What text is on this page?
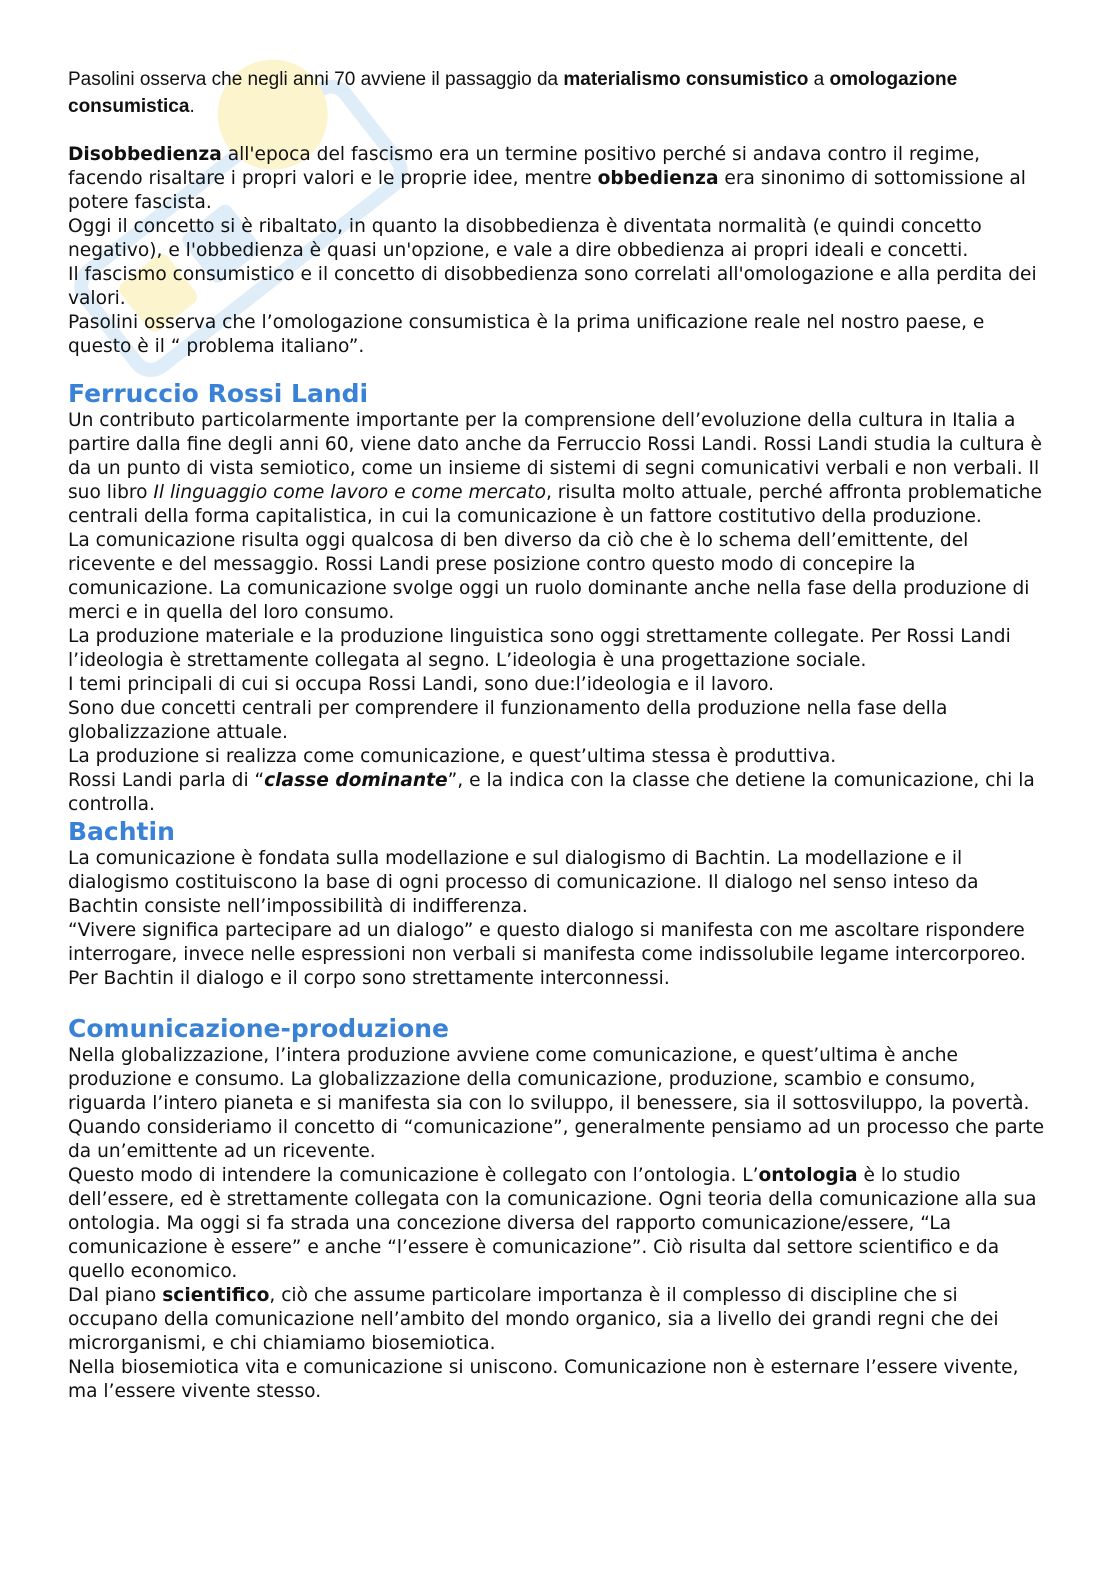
Pasolini osserva che negli anni 70 avviene il passaggio da materialismo consumistico a omologazione consumistica.

Disobbedienza all'epoca del fascismo era un termine positivo perché si andava contro il regime, facendo risaltare i propri valori e le proprie idee, mentre obbedienza era sinonimo di sottomissione al potere fascista.

Oggi il concetto si è ribaltato, in quanto la disobbedienza è diventata normalità (e quindi concetto negativo), e l'obbedienza è quasi un'opzione, e vale a dire obbedienza ai propri ideali e concetti.

Il fascismo consumistico e il concetto di disobbedienza sono correlati all'omologazione e alla perdita dei valori.

Pasolini osserva che l’omologazione consumistica è la prima unificazione reale nel nostro paese, e questo è il “ problema italiano”.

Ferruccio Rossi Landi

Un contributo particolarmente importante per la comprensione dell’evoluzione della cultura in Italia a partire dalla fine degli anni 60, viene dato anche da Ferruccio Rossi Landi. Rossi Landi studia la cultura è da un punto di vista semiotico, come un insieme di sistemi di segni comunicativi verbali e non verbali. Il suo libro Il linguaggio come lavoro e come mercato, risulta molto attuale, perché affronta problematiche centrali della forma capitalistica, in cui la comunicazione è un fattore costitutivo della produzione.

La comunicazione risulta oggi qualcosa di ben diverso da ciò che è lo schema dell’emittente, del ricevente e del messaggio. Rossi Landi prese posizione contro questo modo di concepire la comunicazione. La comunicazione svolge oggi un ruolo dominante anche nella fase della produzione di merci e in quella del loro consumo.

La produzione materiale e la produzione linguistica sono oggi strettamente collegate. Per Rossi Landi l’ideologia è strettamente collegata al segno. L’ideologia è una progettazione sociale.

I temi principali di cui si occupa Rossi Landi, sono due:l’ideologia e il lavoro.

Sono due concetti centrali per comprendere il funzionamento della produzione nella fase della globalizzazione attuale.

La produzione si realizza come comunicazione, e quest’ultima stessa è produttiva.

Rossi Landi parla di “classe dominante”, e la indica con la classe che detiene la comunicazione, chi la controlla.

Bachtin

La comunicazione è fondata sulla modellazione e sul dialogismo di Bachtin. La modellazione e il dialogismo costituiscono la base di ogni processo di comunicazione. Il dialogo nel senso inteso da Bachtin consiste nell’impossibilità di indifferenza.

“Vivere significa partecipare ad un dialogo” e questo dialogo si manifesta con me ascoltare rispondere interrogare, invece nelle espressioni non verbali si manifesta come indissolubile legame intercorporeo. Per Bachtin il dialogo e il corpo sono strettamente interconnessi.

Comunicazione-produzione

Nella globalizzazione, l’intera produzione avviene come comunicazione, e quest’ultima è anche produzione e consumo. La globalizzazione della comunicazione, produzione, scambio e consumo, riguarda l’intero pianeta e si manifesta sia con lo sviluppo, il benessere, sia il sottosviluppo, la povertà.

Quando consideriamo il concetto di “comunicazione”, generalmente pensiamo ad un processo che parte da un’emittente ad un ricevente.

Questo modo di intendere la comunicazione è collegato con l’ontologia. L’ontologia è lo studio dell’essere, ed è strettamente collegata con la comunicazione. Ogni teoria della comunicazione alla sua ontologia. Ma oggi si fa strada una concezione diversa del rapporto comunicazione/essere, “La comunicazione è essere” e anche “l’essere è comunicazione”. Ciò risulta dal settore scientifico e da quello economico.

Dal piano scientifico, ciò che assume particolare importanza è il complesso di discipline che si occupano della comunicazione nell’ambito del mondo organico, sia a livello dei grandi regni che dei microrganismi, e chi chiamiamo biosemiotica.

Nella biosemiotica vita e comunicazione si uniscono. Comunicazione non è esternare l’essere vivente, ma l’essere vivente stesso.
